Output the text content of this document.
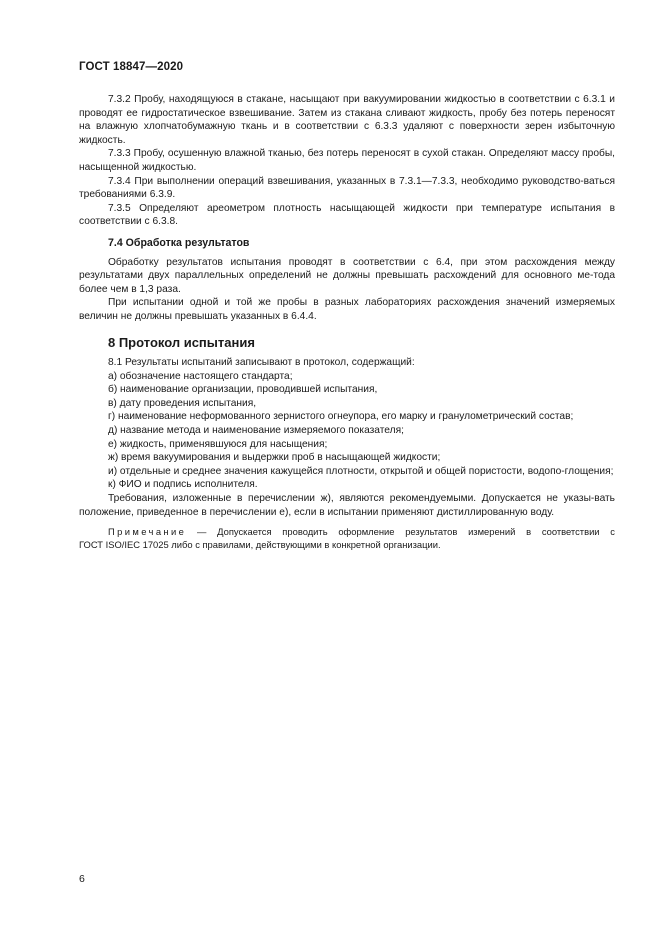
ГОСТ 18847—2020

7.3.2 Пробу, находящуюся в стакане, насыщают при вакуумировании жидкостью в соответствии с 6.3.1 и проводят ее гидростатическое взвешивание. Затем из стакана сливают жидкость, пробу без потерь переносят на влажную хлопчатобумажную ткань и в соответствии с 6.3.3 удаляют с поверхности зерен избыточную жидкость.

7.3.3 Пробу, осушенную влажной тканью, без потерь переносят в сухой стакан. Определяют массу пробы, насыщенной жидкостью.

7.3.4 При выполнении операций взвешивания, указанных в 7.3.1—7.3.3, необходимо руководство-ваться требованиями 6.3.9.

7.3.5 Определяют ареометром плотность насыщающей жидкости при температуре испытания в соответствии с 6.3.8.

7.4 Обработка результатов

Обработку результатов испытания проводят в соответствии с 6.4, при этом расхождения между результатами двух параллельных определений не должны превышать расхождений для основного ме-тода более чем в 1,3 раза.

При испытании одной и той же пробы в разных лабораториях расхождения значений измеряемых величин не должны превышать указанных в 6.4.4.

8 Протокол испытания

8.1 Результаты испытаний записывают в протокол, содержащий:

а) обозначение настоящего стандарта;

б) наименование организации, проводившей испытания,

в) дату проведения испытания,

г) наименование неформованного зернистого огнеупора, его марку и гранулометрический состав;

д) название метода и наименование измеряемого показателя;

е) жидкость, применявшуюся для насыщения;

ж) время вакуумирования и выдержки проб в насыщающей жидкости;

и) отдельные и среднее значения кажущейся плотности, открытой и общей пористости, водопо-глощения;

к) ФИО и подпись исполнителя.

Требования, изложенные в перечислении ж), являются рекомендуемыми. Допускается не указы-вать положение, приведенное в перечислении е), если в испытании применяют дистиллированную воду.

Примечание — Допускается проводить оформление результатов измерений в соответствии с
ГОСТ ISO/IEC 17025 либо с правилами, действующими в конкретной организации.
6
